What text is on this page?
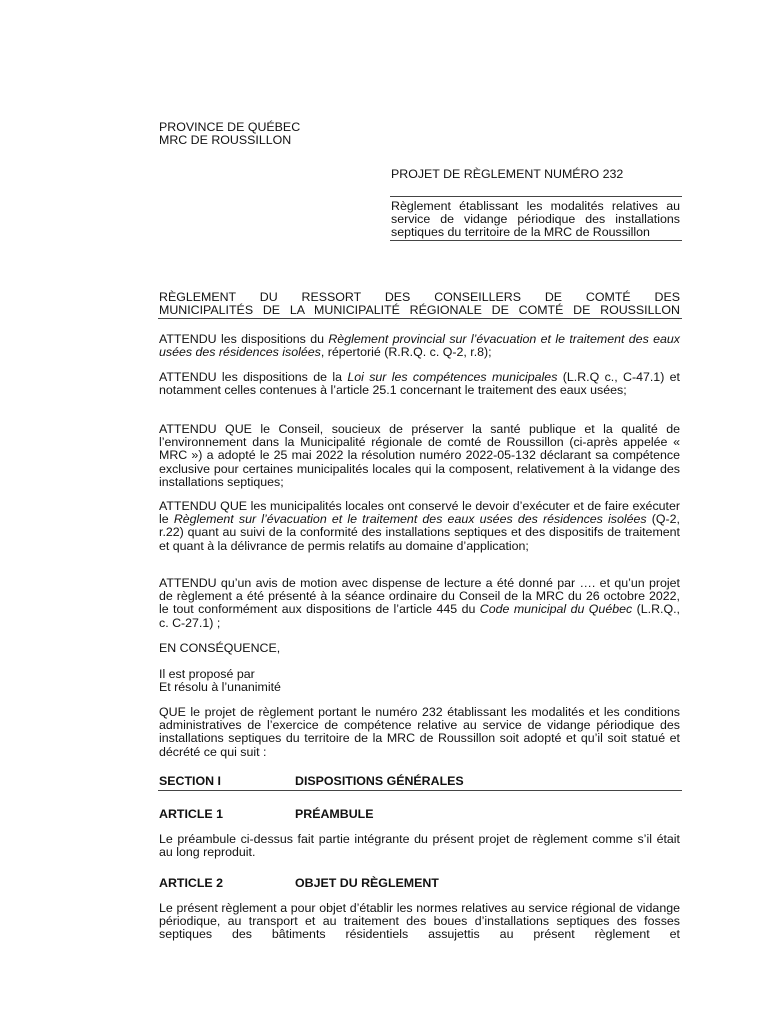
PROVINCE DE QUÉBEC

MRC DE ROUSSILLON

PROJET DE RÈGLEMENT NUMÉRO 232

Règlement établissant les modalités relatives au

service de vidange périodique des installations

septiques du territoire de la MRC de Roussillon

RÈGLEMENT DU RESSORT DES CONSEILLERS DE COMTÉ DES

MUNICIPALITÉS DE LA MUNICIPALITÉ RÉGIONALE DE COMTÉ DE ROUSSILLON

ATTENDU les dispositions du Règlement provincial sur l’évacuation et le traitement des eaux usées des résidences isolées, répertorié (R.R.Q. c. Q-2, r.8);

ATTENDU les dispositions de la Loi sur les compétences municipales (L.R.Q c., C-47.1) et notamment celles contenues à l’article 25.1 concernant le traitement des eaux usées;

ATTENDU QUE le Conseil, soucieux de préserver la santé publique et la qualité de l’environnement dans la Municipalité régionale de comté de Roussillon (ci-après appelée « MRC ») a adopté le 25 mai 2022 la résolution numéro 2022-05-132 déclarant sa compétence exclusive pour certaines municipalités locales qui la composent, relativement à la vidange des installations septiques;

ATTENDU QUE les municipalités locales ont conservé le devoir d’exécuter et de faire exécuter le Règlement sur l’évacuation et le traitement des eaux usées des résidences isolées (Q-2, r.22) quant au suivi de la conformité des installations septiques et des dispositifs de traitement et quant à la délivrance de permis relatifs au domaine d’application;

ATTENDU qu’un avis de motion avec dispense de lecture a été donné par …. et qu’un projet de règlement a été présenté à la séance ordinaire du Conseil de la MRC du 26 octobre 2022, le tout conformément aux dispositions de l’article 445 du Code municipal du Québec (L.R.Q., c. C-27.1) ;

EN CONSÉQUENCE,

Il est proposé par

Et résolu à l’unanimité

QUE le projet de règlement portant le numéro 232 établissant les modalités et les conditions administratives de l’exercice de compétence relative au service de vidange périodique des installations septiques du territoire de la MRC de Roussillon soit adopté et qu’il soit statué et décrété ce qui suit :

SECTION I	DISPOSITIONS GÉNÉRALES

ARTICLE 1	PRÉAMBULE

Le préambule ci-dessus fait partie intégrante du présent projet de règlement comme s’il était au long reproduit.

ARTICLE 2	OBJET DU RÈGLEMENT

Le présent règlement a pour objet d’établir les normes relatives au service régional de vidange périodique, au transport et au traitement des boues d’installations septiques des fosses septiques des bâtiments résidentiels assujettis au présent règlement et
